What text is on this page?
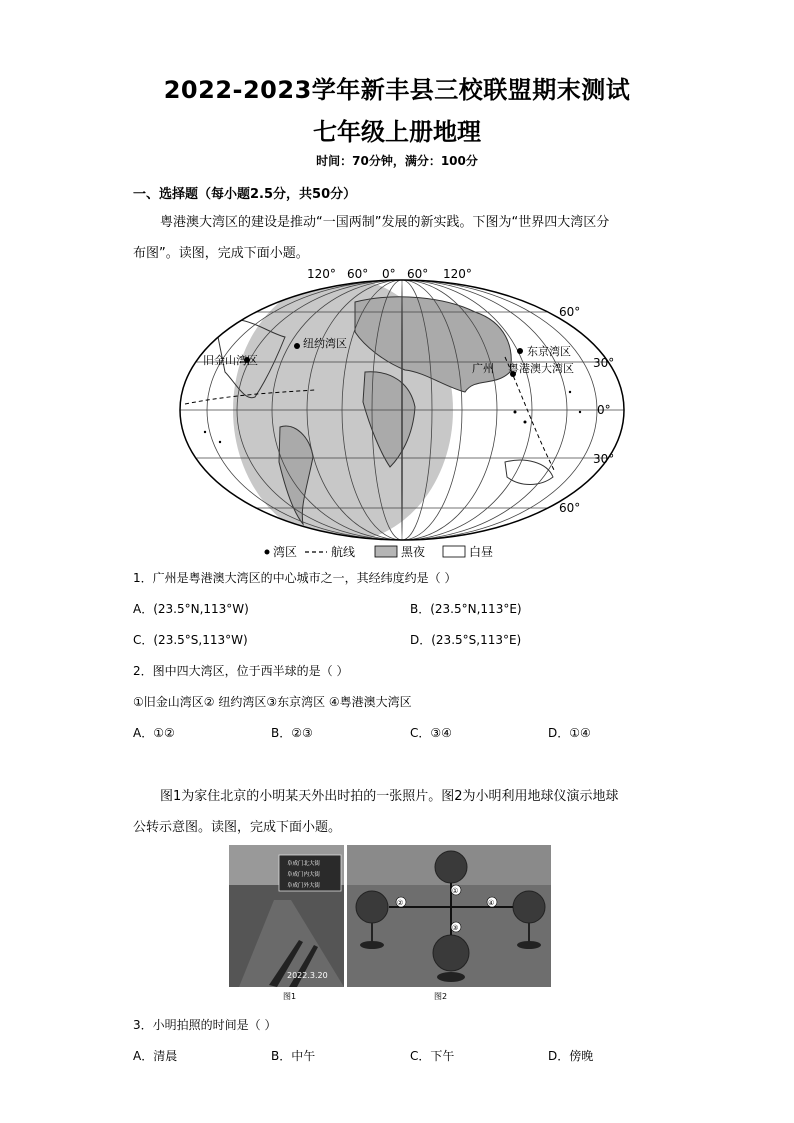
2022-2023学年新丰县三校联盟期末测试
七年级上册地理
时间：70分钟，满分：100分
一、选择题（每小题2.5分，共50分）
粤港澳大湾区的建设是推动“一国两制”发展的新实践。下图为“世界四大湾区分
布图”。读图，完成下面小题。
120° 60° 0° 60° 120°
旧金山湾区
纽约湾区
东京湾区
广州 粤港澳大湾区
60°
30°
0°
30°
60°
湾区	航线	黑夜	白昼
1．广州是粤港澳大湾区的中心城市之一，其经纬度约是（ ）
A．(23.5°N,113°W)	B．(23.5°N,113°E)
C．(23.5°S,113°W)	D．(23.5°S,113°E)
2．图中四大湾区，位于西半球的是（ ）
①旧金山湾区② 纽约湾区③东京湾区 ④粤港澳大湾区
A．①②	B．②③	C．③④	D．①④
图1为家住北京的小明某天外出时拍的一张照片。图2为小明利用地球仪演示地球
公转示意图。读图，完成下面小题。
阜成门北大街
阜成门内大街
阜成门外大街
2022.3.20
图1
①
②
③
④
图2
3．小明拍照的时间是（ ）
A．清晨	B．中午	C．下午	D．傍晚
